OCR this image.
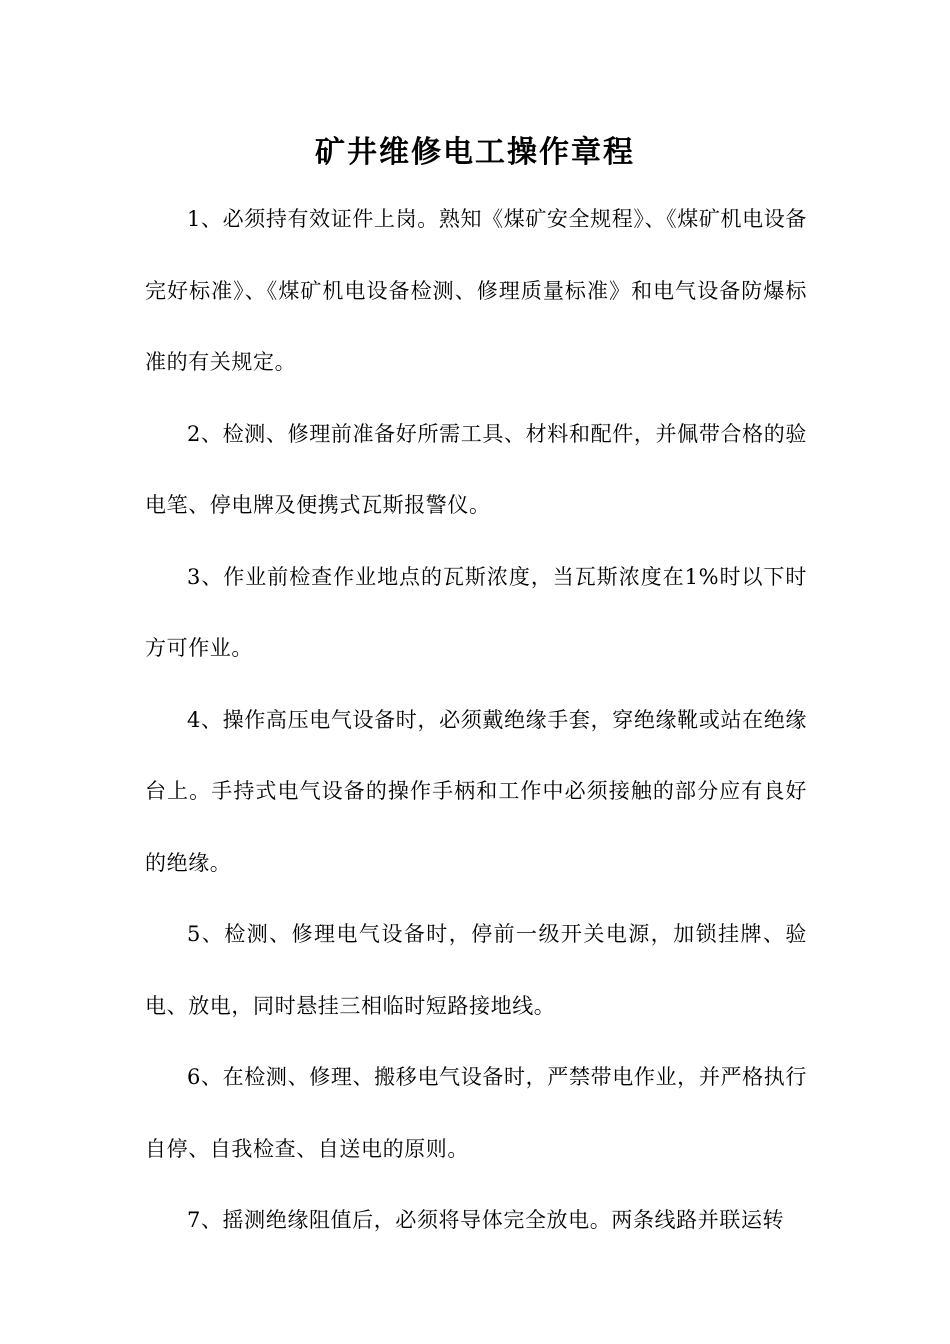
矿井维修电工操作章程

1、必须持有效证件上岗。熟知《煤矿安全规程》、《煤矿机电设备完好标准》、《煤矿机电设备检测、修理质量标准》和电气设备防爆标准的有关规定。

2、检测、修理前准备好所需工具、材料和配件，并佩带合格的验电笔、停电牌及便携式瓦斯报警仪。

3、作业前检查作业地点的瓦斯浓度，当瓦斯浓度在1%时以下时方可作业。

4、操作高压电气设备时，必须戴绝缘手套，穿绝缘靴或站在绝缘台上。手持式电气设备的操作手柄和工作中必须接触的部分应有良好的绝缘。

5、检测、修理电气设备时，停前一级开关电源，加锁挂牌、验电、放电，同时悬挂三相临时短路接地线。

6、在检测、修理、搬移电气设备时，严禁带电作业，并严格执行自停、自我检查、自送电的原则。

7、摇测绝缘阻值后，必须将导体完全放电。两条线路并联运转
